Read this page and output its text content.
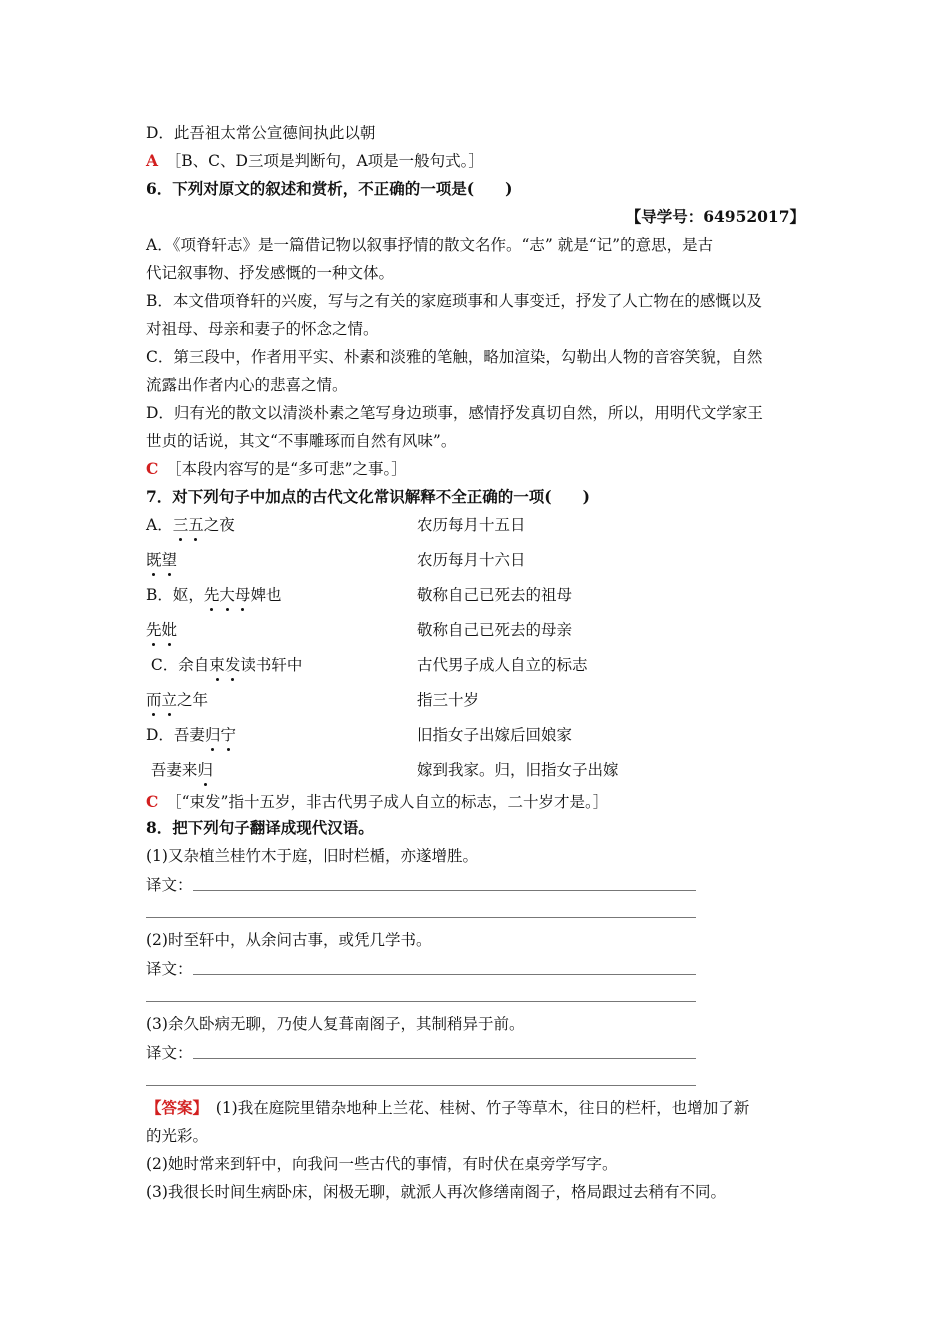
D．此吾祖太常公宣德间执此以朝
A　 ［B、C、D三项是判断句，A项是一般句式。］
6．下列对原文的叙述和赏析，不正确的一项是(　　)
【导学号：64952017】
A．《项脊轩志》是一篇借记物以叙事抒情的散文名作。“志” 就是“记”的意思，是古
代记叙事物、抒发感慨的一种文体。
B．本文借项脊轩的兴废，写与之有关的家庭琐事和人事变迁，抒发了人亡物在的感慨以及
对祖母、母亲和妻子的怀念之情。
C．第三段中，作者用平实、朴素和淡雅的笔触，略加渲染，勾勒出人物的音容笑貌，自然
流露出作者内心的悲喜之情。
D．归有光的散文以清淡朴素之笔写身边琐事，感情抒发真切自然，所以，用明代文学家王
世贞的话说，其文“不事雕琢而自然有风味”。
C　 ［本段内容写的是“多可悲”之事。］
7．对下列句子中加点的古代文化常识解释不全正确的一项(　　)
A．三五之夜	农历每月十五日
既望	农历每月十六日
B．妪，先大母婢也	敬称自己已死去的祖母
先妣	敬称自己已死去的母亲
C．余自束发读书轩中	古代男子成人自立的标志
而立之年	指三十岁
D．吾妻归宁	旧指女子出嫁后回娘家
吾妻来归	嫁到我家。归，旧指女子出嫁
C　 ［“束发”指十五岁，非古代男子成人自立的标志，二十岁才是。］
8．把下列句子翻译成现代汉语。
(1)又杂植兰桂竹木于庭，旧时栏楯，亦遂增胜。
译文：
(2)时至轩中，从余问古事，或凭几学书。
译文：
(3)余久卧病无聊，乃使人复葺南阁子，其制稍异于前。
译文：
【答案】　(1)我在庭院里错杂地种上兰花、桂树、竹子等草木，往日的栏杆，也增加了新
的光彩。
(2)她时常来到轩中，向我问一些古代的事情，有时伏在桌旁学写字。
(3)我很长时间生病卧床，闲极无聊，就派人再次修缮南阁子，格局跟过去稍有不同。
